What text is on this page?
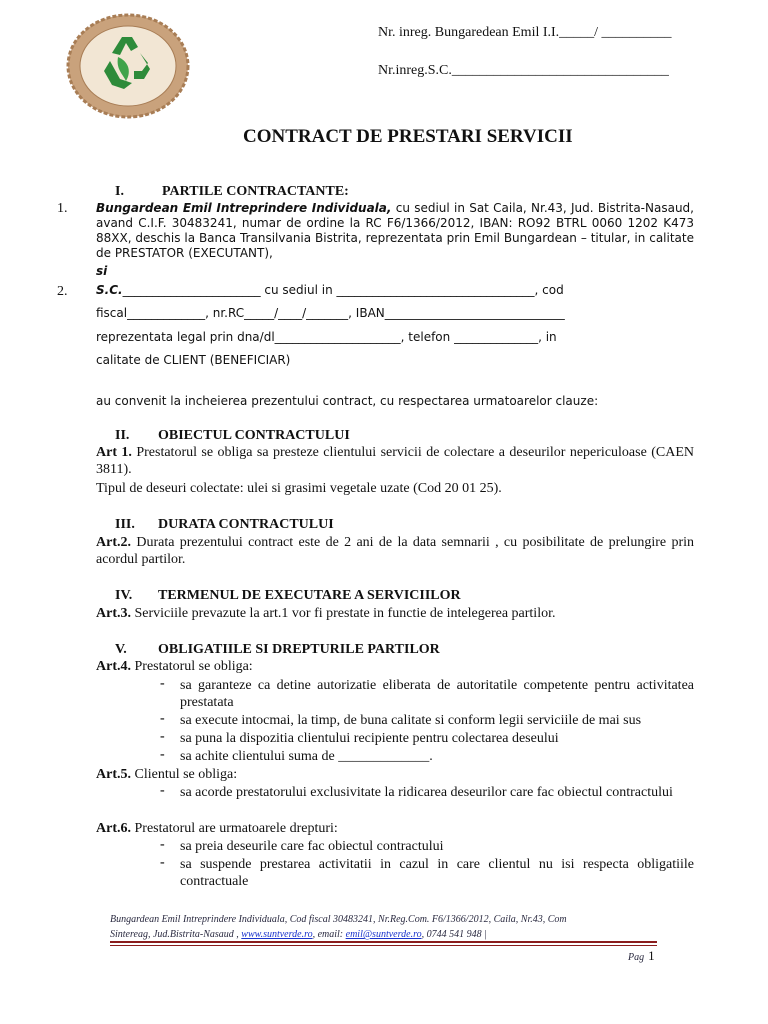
Nr. inreg. Bungaredean Emil I.I._____/ __________
Nr.inreg.S.C._______________________________
CONTRACT DE PRESTARI SERVICII
I.	PARTILE CONTRACTANTE:
1. Bungardean Emil Intreprindere Individuala, cu sediul in Sat Caila, Nr.43, Jud. Bistrita-Nasaud, avand C.I.F. 30483241, numar de ordine la RC F6/1366/2012, IBAN: RO92 BTRL 0060 1202 K473 88XX, deschis la Banca Transilvania Bistrita, reprezentata prin Emil Bungardean – titular, in calitate de PRESTATOR (EXECUTANT),
si
2. S.C._______________________ cu sediul in _________________________________, cod
fiscal_____________, nr.RC_____/____/_______, IBAN______________________________
reprezentata legal prin dna/dl_____________________, telefon ______________, in
calitate de CLIENT (BENEFICIAR)
au convenit la incheierea prezentului contract, cu respectarea urmatoarelor clauze:
II. OBIECTUL CONTRACTULUI
Art 1. Prestatorul se obliga sa presteze clientului servicii de colectare a deseurilor nepericuloase (CAEN 3811).
Tipul de deseuri colectate: ulei si grasimi vegetale uzate (Cod 20 01 25).
III. DURATA CONTRACTULUI
Art.2. Durata prezentului contract este de 2 ani de la data semnarii , cu posibilitate de prelungire prin acordul partilor.
IV. TERMENUL DE EXECUTARE A SERVICIILOR
Art.3. Serviciile prevazute la art.1 vor fi prestate in functie de intelegerea partilor.
V. OBLIGATIILE SI DREPTURILE PARTILOR
Art.4. Prestatorul se obliga:
- sa garanteze ca detine autorizatie eliberata de autoritatile competente pentru activitatea prestatata
- sa execute intocmai, la timp, de buna calitate si conform legii serviciile de mai sus
- sa puna la dispozitia clientului recipiente pentru colectarea deseului
- sa achite clientului suma de _____________.
Art.5. Clientul se obliga:
- sa acorde prestatorului exclusivitate la ridicarea deseurilor care fac obiectul contractului
Art.6. Prestatorul are urmatoarele drepturi:
- sa preia deseurile care fac obiectul contractului
- sa suspende prestarea activitatii in cazul in care clientul nu isi respecta obligatiile contractuale
Bungardean Emil Intreprindere Individuala, Cod fiscal 30483241, Nr.Reg.Com. F6/1366/2012, Caila, Nr.43, Com
Sintereag, Jud.Bistrita-Nasaud , www.suntverde.ro, email: emil@suntverde.ro, 0744 541 948 |
Pag 1
